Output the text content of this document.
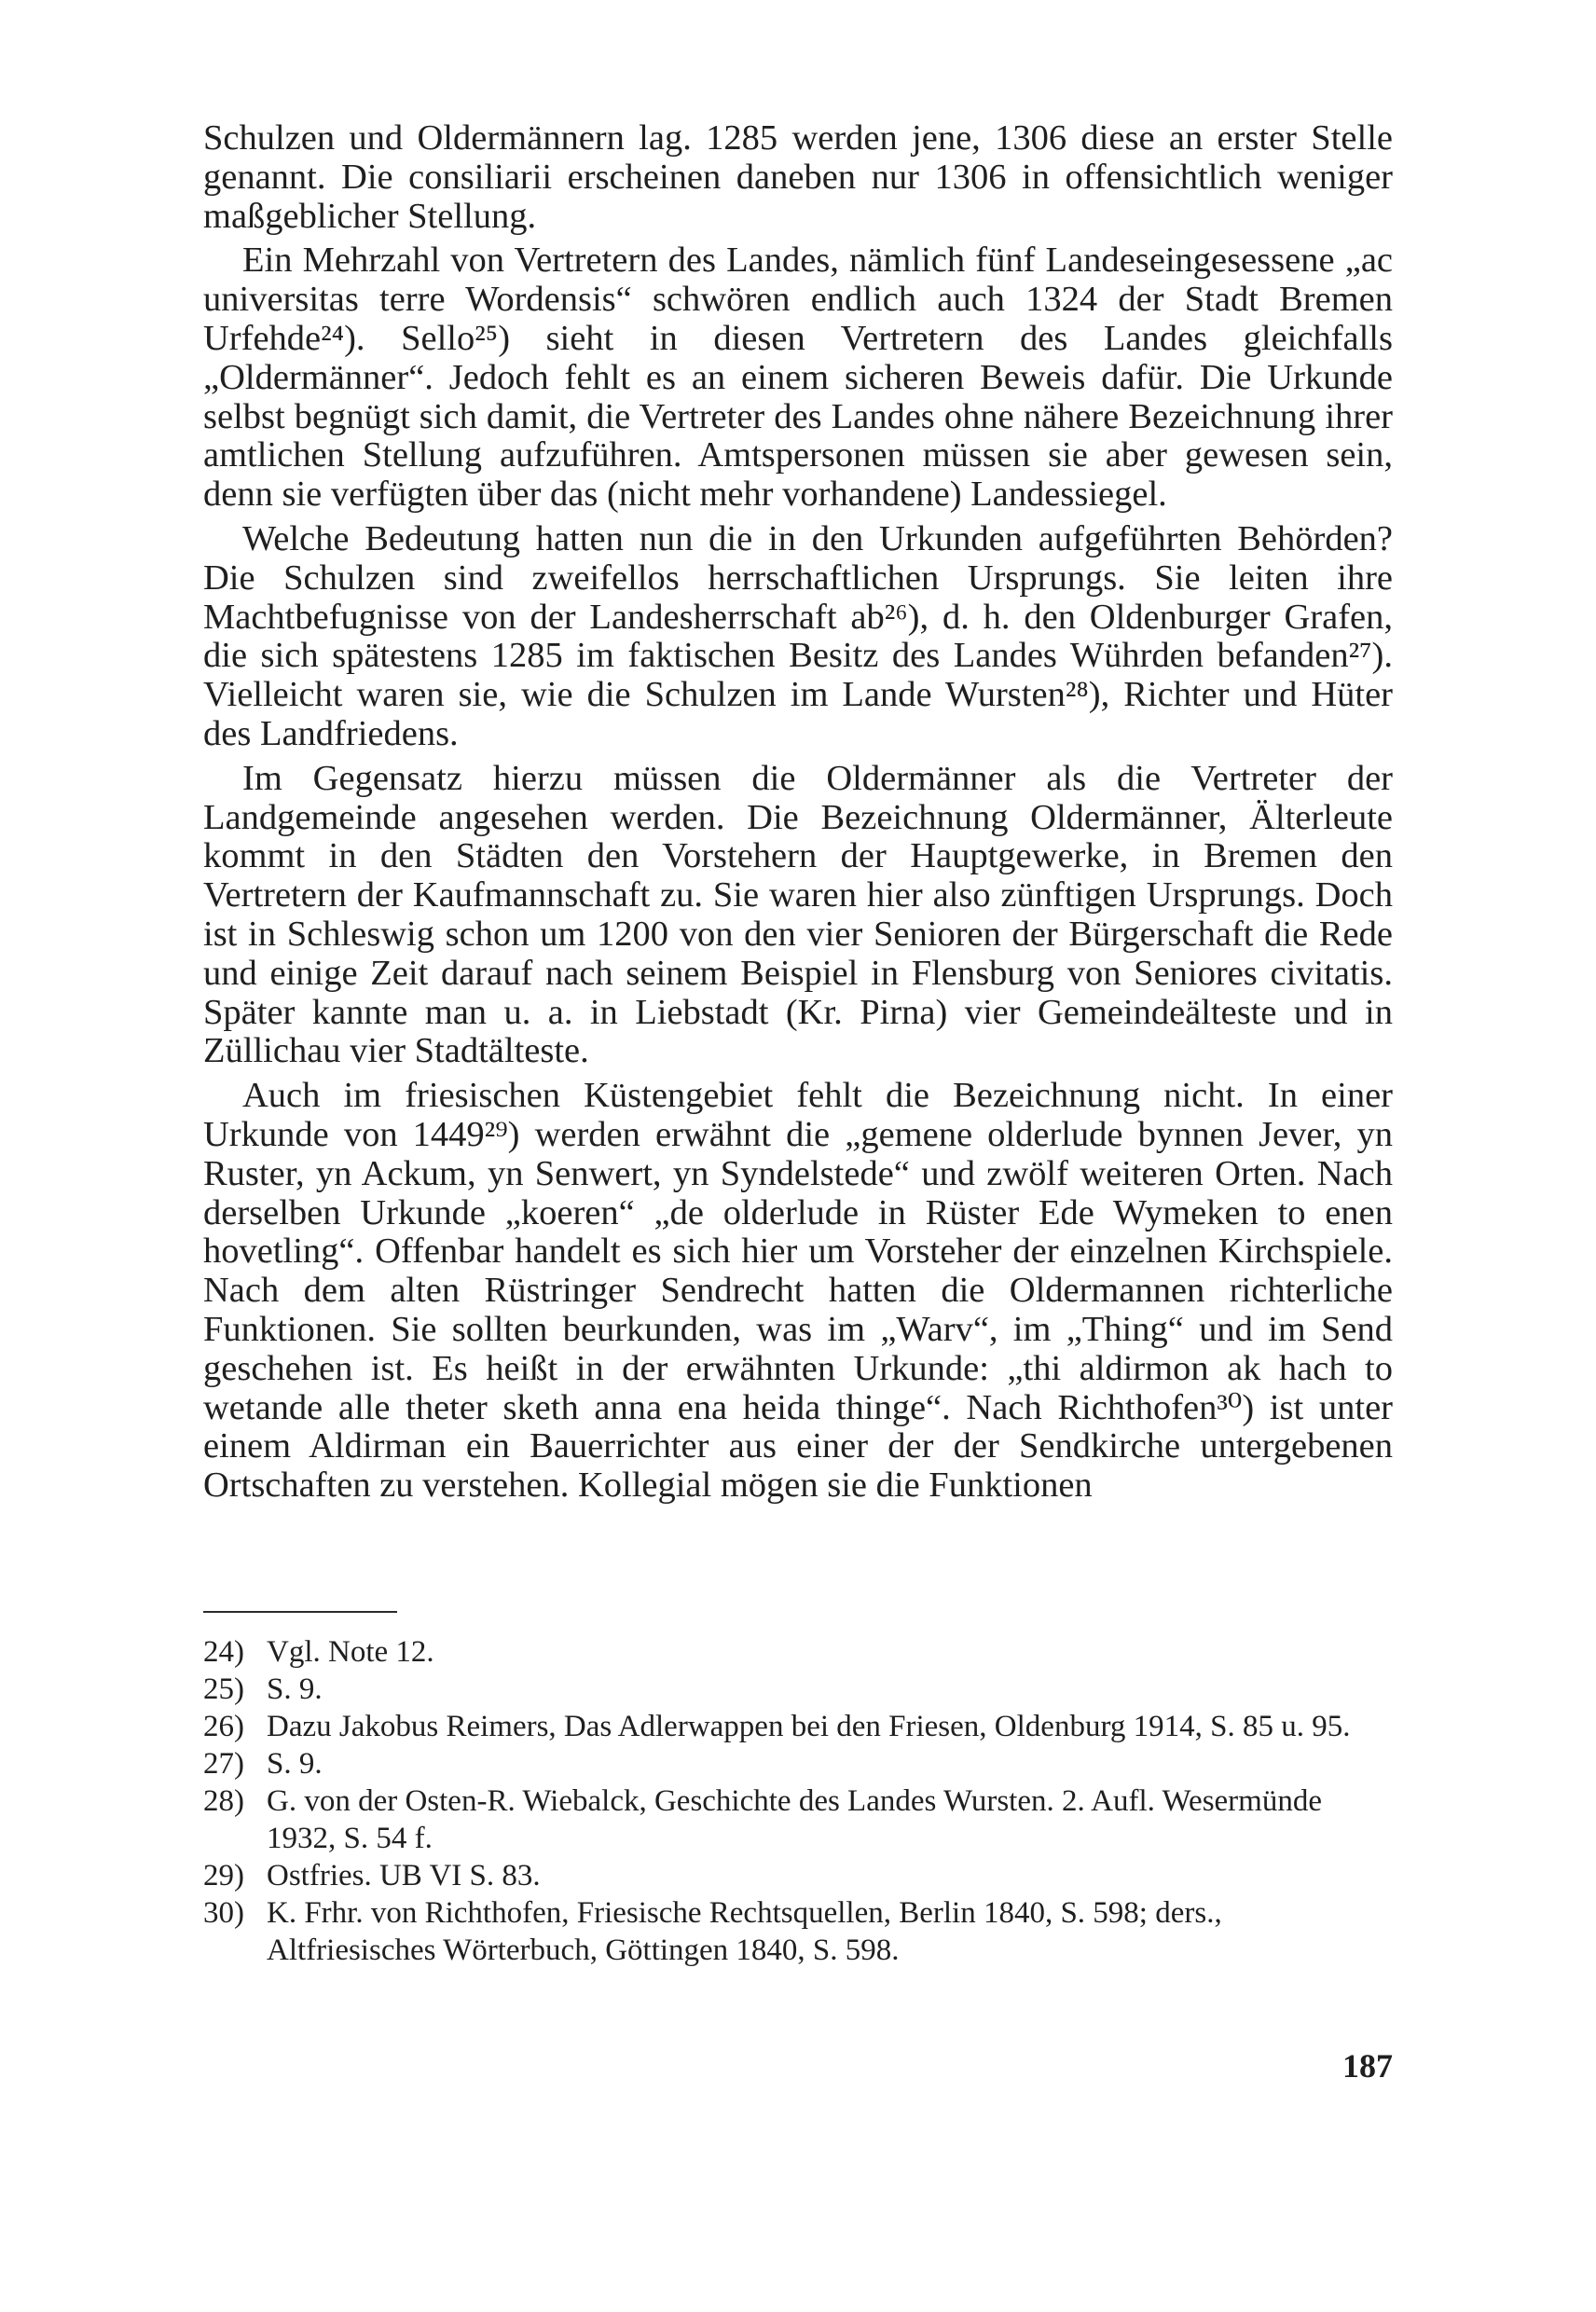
Schulzen und Oldermännern lag. 1285 werden jene, 1306 diese an erster Stelle genannt. Die consiliarii erscheinen daneben nur 1306 in offensichtlich weniger maßgeblicher Stellung.

Ein Mehrzahl von Vertretern des Landes, nämlich fünf Landeseingesessene „ac universitas terre Wordensis“ schwören endlich auch 1324 der Stadt Bremen Urfehde²⁴). Sello²⁵) sieht in diesen Vertretern des Landes gleichfalls „Oldermänner“. Jedoch fehlt es an einem sicheren Beweis dafür. Die Urkunde selbst begnügt sich damit, die Vertreter des Landes ohne nähere Bezeichnung ihrer amtlichen Stellung aufzuführen. Amtspersonen müssen sie aber gewesen sein, denn sie verfügten über das (nicht mehr vorhandene) Landessiegel.

Welche Bedeutung hatten nun die in den Urkunden aufgeführten Behörden? Die Schulzen sind zweifellos herrschaftlichen Ursprungs. Sie leiten ihre Machtbefugnisse von der Landesherrschaft ab²⁶), d. h. den Oldenburger Grafen, die sich spätestens 1285 im faktischen Besitz des Landes Wührden befanden²⁷). Vielleicht waren sie, wie die Schulzen im Lande Wursten²⁸), Richter und Hüter des Landfriedens.

Im Gegensatz hierzu müssen die Oldermänner als die Vertreter der Landgemeinde angesehen werden. Die Bezeichnung Oldermänner, Älterleute kommt in den Städten den Vorstehern der Hauptgewerke, in Bremen den Vertretern der Kaufmannschaft zu. Sie waren hier also zünftigen Ursprungs. Doch ist in Schleswig schon um 1200 von den vier Senioren der Bürgerschaft die Rede und einige Zeit darauf nach seinem Beispiel in Flensburg von Seniores civitatis. Später kannte man u. a. in Liebstadt (Kr. Pirna) vier Gemeindeälteste und in Züllichau vier Stadtälteste.

Auch im friesischen Küstengebiet fehlt die Bezeichnung nicht. In einer Urkunde von 1449²⁹) werden erwähnt die „gemene olderlude bynnen Jever, yn Ruster, yn Ackum, yn Senwert, yn Syndelstede“ und zwölf weiteren Orten. Nach derselben Urkunde „koeren“ „de olderlude in Rüster Ede Wymeken to enen hovetling“. Offenbar handelt es sich hier um Vorsteher der einzelnen Kirchspiele. Nach dem alten Rüstringer Sendrecht hatten die Oldermannen richterliche Funktionen. Sie sollten beurkunden, was im „Warv“, im „Thing“ und im Send geschehen ist. Es heißt in der erwähnten Urkunde: „thi aldirmon ak hach to wetande alle theter sketh anna ena heida thinge“. Nach Richthofen³⁰) ist unter einem Aldirman ein Bauerrichter aus einer der der Sendkirche untergebenen Ortschaften zu verstehen. Kollegial mögen sie die Funktionen

24) Vgl. Note 12.
25) S. 9.
26) Dazu Jakobus Reimers, Das Adlerwappen bei den Friesen, Oldenburg 1914, S. 85 u. 95.
27) S. 9.
28) G. von der Osten-R. Wiebalck, Geschichte des Landes Wursten. 2. Aufl. Wesermünde 1932, S. 54 f.
29) Ostfries. UB VI S. 83.
30) K. Frhr. von Richthofen, Friesische Rechtsquellen, Berlin 1840, S. 598; ders., Altfriesisches Wörterbuch, Göttingen 1840, S. 598.
187
